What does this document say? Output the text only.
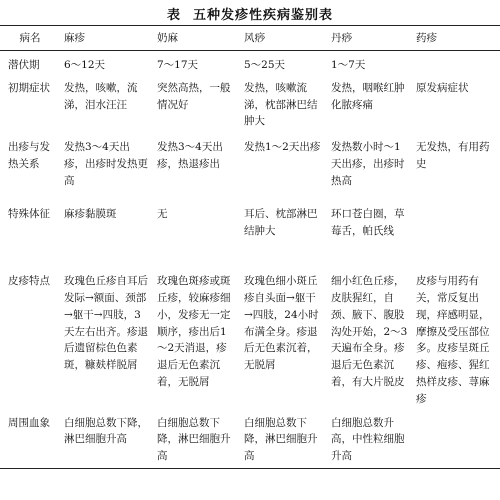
表 五种发疹性疾病鉴别表
病名	麻疹	奶麻	风痧	丹痧	药疹
潜伏期	6～12天	7～17天	5～25天	1～7天	
初期症状	发热，咳嗽，流涕，泪水汪汪	突然高热，一般情况好	发热，咳嗽流涕，枕部淋巴结肿大	发热，咽喉红肿化脓疼痛	原发病症状
出疹与发热关系	发热3～4天出疹，出疹时发热更高	发热3～4天出疹，热退疹出	发热1～2天出疹	发热数小时～1天出疹，出疹时热高	无发热，有用药史
特殊体征	麻疹黏膜斑	无	耳后、枕部淋巴结肿大	环口苍白圈，草莓舌，帕氏线	
皮疹特点	玫瑰色丘疹自耳后发际→额面、颈部→躯干→四肢，3天左右出齐。疹退后遗留棕色色素斑，糠麸样脱屑	玫瑰色斑疹或斑丘疹，较麻疹细小，发疹无一定顺序，疹出后1～2天消退，疹退后无色素沉着，无脱屑	玫瑰色细小斑丘疹自头面→躯干→四肢，24小时布满全身。疹退后无色素沉着，无脱屑	细小红色丘疹，皮肤猩红，自颈、腋下、腹股沟处开始，2～3天遍布全身。疹退后无色素沉着，有大片脱皮	皮疹与用药有关，常反复出现，痒感明显，摩擦及受压部位多。皮疹呈斑丘疹、疱疹、猩红热样皮疹、荨麻疹
周围血象	白细胞总数下降，淋巴细胞升高	白细胞总数下降，淋巴细胞升高	白细胞总数下降，淋巴细胞升高	白细胞总数升高，中性粒细胞升高	
